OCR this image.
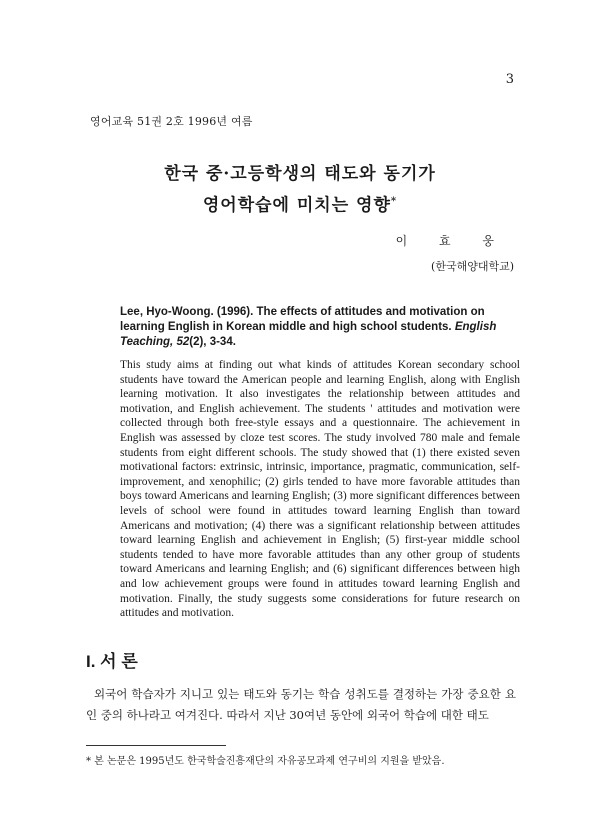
3
영어교육 51권 2호 1996년 여름
한국 중·고등학생의 태도와 동기가
영어학습에 미치는 영향*
이 효 웅
(한국해양대학교)
Lee, Hyo-Woong. (1996). The effects of attitudes and motivation on learning English in Korean middle and high school students. English Teaching, 52(2), 3-34.
This study aims at finding out what kinds of attitudes Korean secondary school students have toward the American people and learning English, along with English learning motivation. It also investigates the relationship between attitudes and motivation, and English achievement. The students ' attitudes and motivation were collected through both free-style essays and a questionnaire. The achievement in English was assessed by cloze test scores. The study involved 780 male and female students from eight different schools. The study showed that (1) there existed seven motivational factors: extrinsic, intrinsic, importance, pragmatic, communication, self-improvement, and xenophilic; (2) girls tended to have more favorable attitudes than boys toward Americans and learning English; (3) more significant differences between levels of school were found in attitudes toward learning English than toward Americans and motivation; (4) there was a significant relationship between attitudes toward learning English and achievement in English; (5) first-year middle school students tended to have more favorable attitudes than any other group of students toward Americans and learning English; and (6) significant differences between high and low achievement groups were found in attitudes toward learning English and motivation. Finally, the study suggests some considerations for future research on attitudes and motivation.
I. 서 론
외국어 학습자가 지니고 있는 태도와 동기는 학습 성취도를 결정하는 가장 중요한 요인 중의 하나라고 여겨진다. 따라서 지난 30여년 동안에 외국어 학습에 대한 태도
* 본 논문은 1995년도 한국학술진흥재단의 자유공모과제 연구비의 지원을 받았음.
